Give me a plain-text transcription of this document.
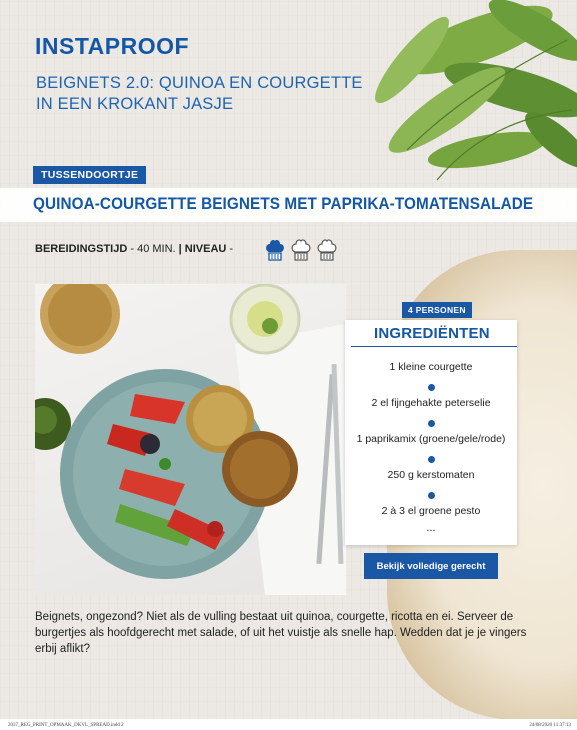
INSTAPROOF
BEIGNETS 2.0: QUINOA EN COURGETTE
IN EEN KROKANT JASJE
TUSSENDOORTJE
QUINOA-COURGETTE BEIGNETS MET PAPRIKA-TOMATENSALADE
BEREIDINGSTIJD - 40 MIN. | NIVEAU -
4 PERSONEN
INGREDIËNTEN
1 kleine courgette
2 el fijngehakte peterselie
1 paprikamix (groene/gele/rode)
250 g kerstomaten
2 à 3 el groene pesto
...
Bekijk volledige gerecht
Beignets, ongezond? Niet als de vulling bestaat uit quinoa, courgette, ricotta en ei. Serveer de burgertjes als hoofdgerecht met salade, of uit het vuistje als snelle hap. Wedden dat je je vingers erbij aflikt?
2037_REG_PRINT_OPMAAK_DKVL_SPREAD.indd 2	24/08/2020 11:37:13
